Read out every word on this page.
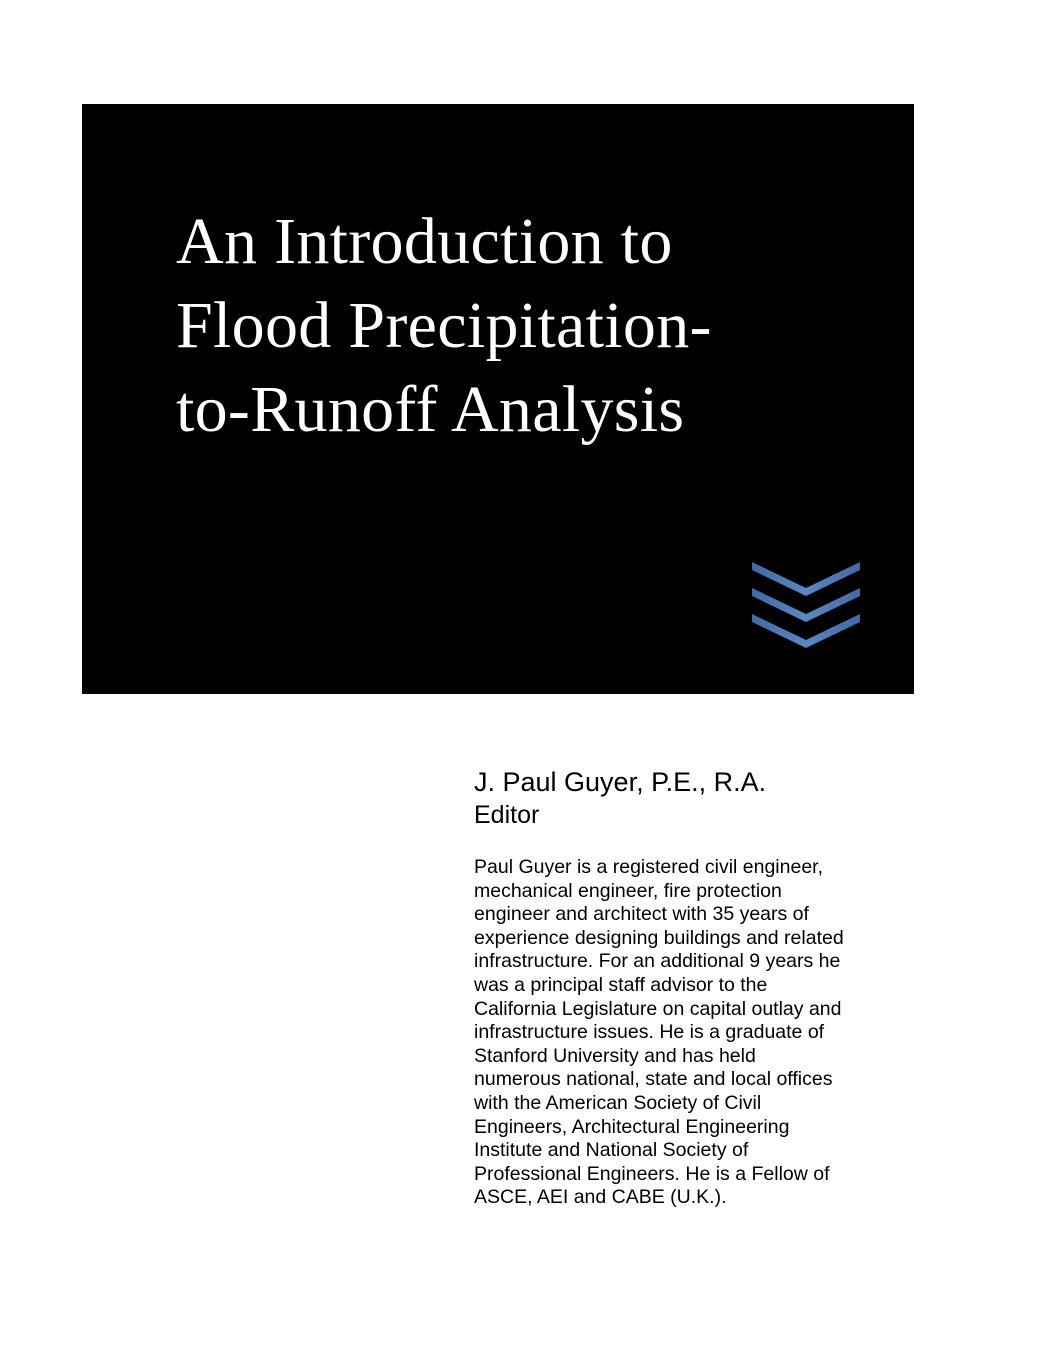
An Introduction to
Flood Precipitation-
to-Runoff Analysis

J. Paul Guyer, P.E., R.A.

Editor

Paul Guyer is a registered civil engineer,
mechanical engineer, fire protection
engineer and architect with 35 years of
experience designing buildings and related
infrastructure. For an additional 9 years he
was a principal staff advisor to the
California Legislature on capital outlay and
infrastructure issues. He is a graduate of
Stanford University and has held
numerous national, state and local offices
with the American Society of Civil
Engineers, Architectural Engineering
Institute and National Society of
Professional Engineers. He is a Fellow of
ASCE, AEI and CABE (U.K.).
